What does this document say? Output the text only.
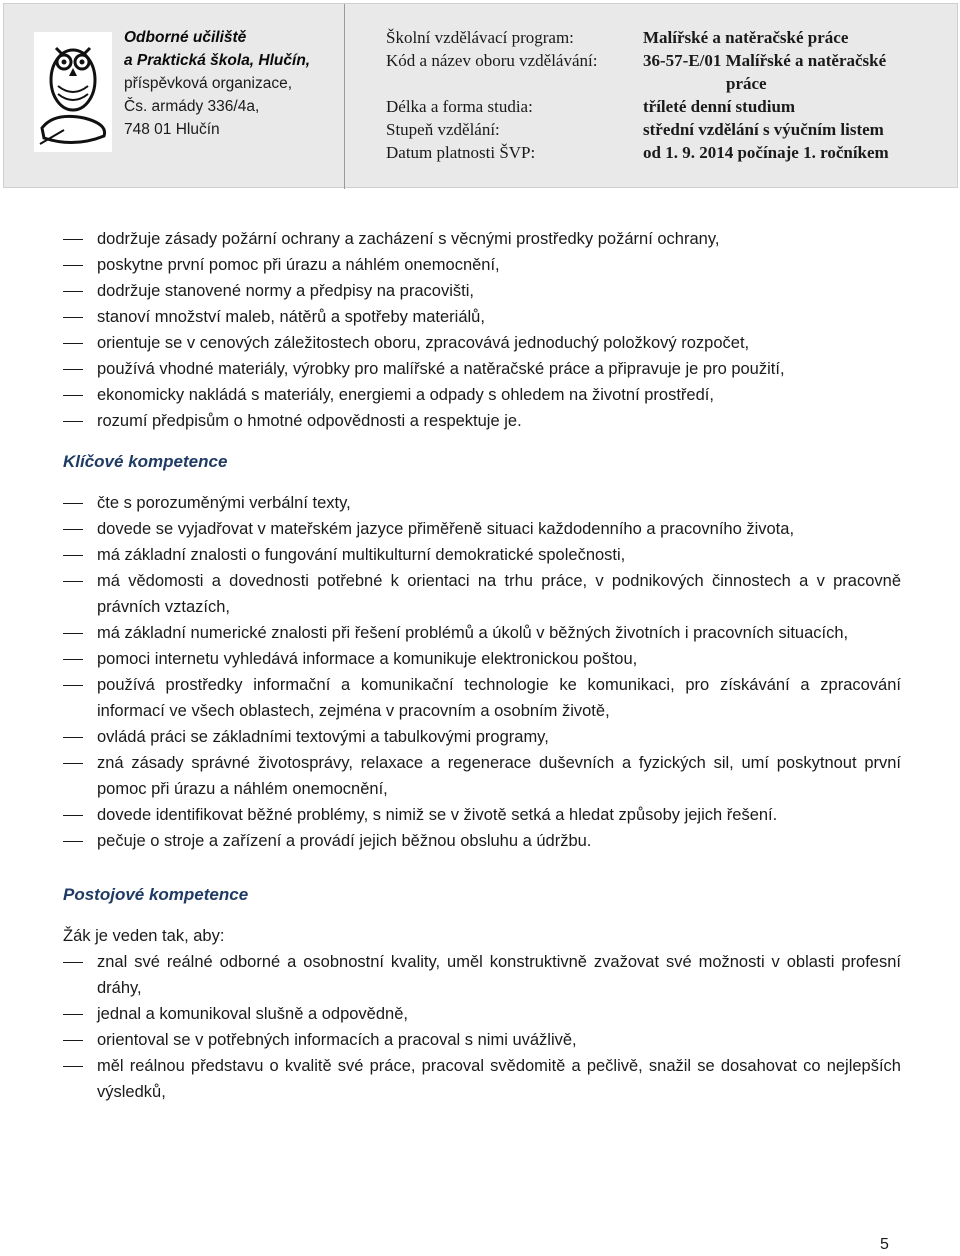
Odborné učiliště
a Praktická škola, Hlučín,
příspěvková organizace,
Čs. armády 336/4a,
748 01 Hlučín
Školní vzdělávací program:	Malířské a natěračské práce
Kód a název oboru vzdělávání:	36-57-E/01 Malířské a natěračské
práce
Délka a forma studia:	tříleté denní studium
Stupeň vzdělání:	střední vzdělání s výučním listem
Datum platnosti ŠVP:	od 1. 9. 2014 počínaje 1. ročníkem
dodržuje zásady požární ochrany a zacházení s věcnými prostředky požární ochrany,
poskytne první pomoc při úrazu a náhlém onemocnění,
dodržuje stanovené normy a předpisy na pracovišti,
stanoví množství maleb, nátěrů a spotřeby materiálů,
orientuje se v cenových záležitostech oboru, zpracovává jednoduchý položkový rozpočet,
používá vhodné materiály, výrobky pro malířské a natěračské práce a připravuje je pro použití,
ekonomicky nakládá s materiály, energiemi a odpady s ohledem na životní prostředí,
rozumí předpisům o hmotné odpovědnosti a respektuje je.

Klíčové kompetence

čte s porozuměnými verbální texty,
dovede se vyjadřovat v mateřském jazyce přiměřeně situaci každodenního a pracovního života,
má základní znalosti o fungování multikulturní demokratické společnosti,
má vědomosti a dovednosti potřebné k orientaci na trhu práce, v podnikových činnostech a v pracovně právních vztazích,
má základní numerické znalosti při řešení problémů a úkolů v běžných životních i pracovních situacích,
pomoci internetu vyhledává informace a komunikuje elektronickou poštou,
používá prostředky informační a komunikační technologie ke komunikaci, pro získávání a zpracování informací ve všech oblastech, zejména v pracovním a osobním životě,
ovládá práci se základními textovými a tabulkovými programy,
zná zásady správné životosprávy, relaxace a regenerace duševních a fyzických sil, umí poskytnout první pomoc při úrazu a náhlém onemocnění,
dovede identifikovat běžné problémy, s nimiž se v životě setká a hledat způsoby jejich řešení.
pečuje o stroje a zařízení a provádí jejich běžnou obsluhu a údržbu.

Postojové kompetence

Žák je veden tak, aby:

znal své reálné odborné a osobnostní kvality, uměl konstruktivně zvažovat své možnosti v oblasti profesní dráhy,
jednal a komunikoval slušně a odpovědně,
orientoval se v potřebných informacích a pracoval s nimi uvážlivě,
měl reálnou představu o kvalitě své práce, pracoval svědomitě a pečlivě, snažil se dosahovat co nejlepších výsledků,
5
